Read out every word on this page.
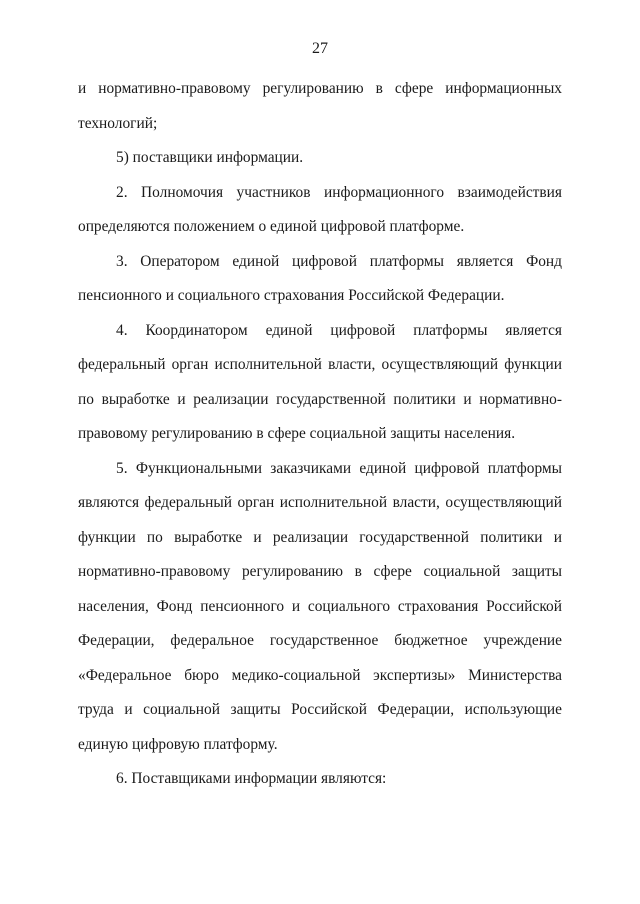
27

и нормативно-правовому регулированию в сфере информационных технологий;

5) поставщики информации.

2. Полномочия участников информационного взаимодействия определяются положением о единой цифровой платформе.

3. Оператором единой цифровой платформы является Фонд пенсионного и социального страхования Российской Федерации.

4. Координатором единой цифровой платформы является федеральный орган исполнительной власти, осуществляющий функции по выработке и реализации государственной политики и нормативно-правовому регулированию в сфере социальной защиты населения.

5. Функциональными заказчиками единой цифровой платформы являются федеральный орган исполнительной власти, осуществляющий функции по выработке и реализации государственной политики и нормативно-правовому регулированию в сфере социальной защиты населения, Фонд пенсионного и социального страхования Российской Федерации, федеральное государственное бюджетное учреждение «Федеральное бюро медико-социальной экспертизы» Министерства труда и социальной защиты Российской Федерации, использующие единую цифровую платформу.

6. Поставщиками информации являются:
